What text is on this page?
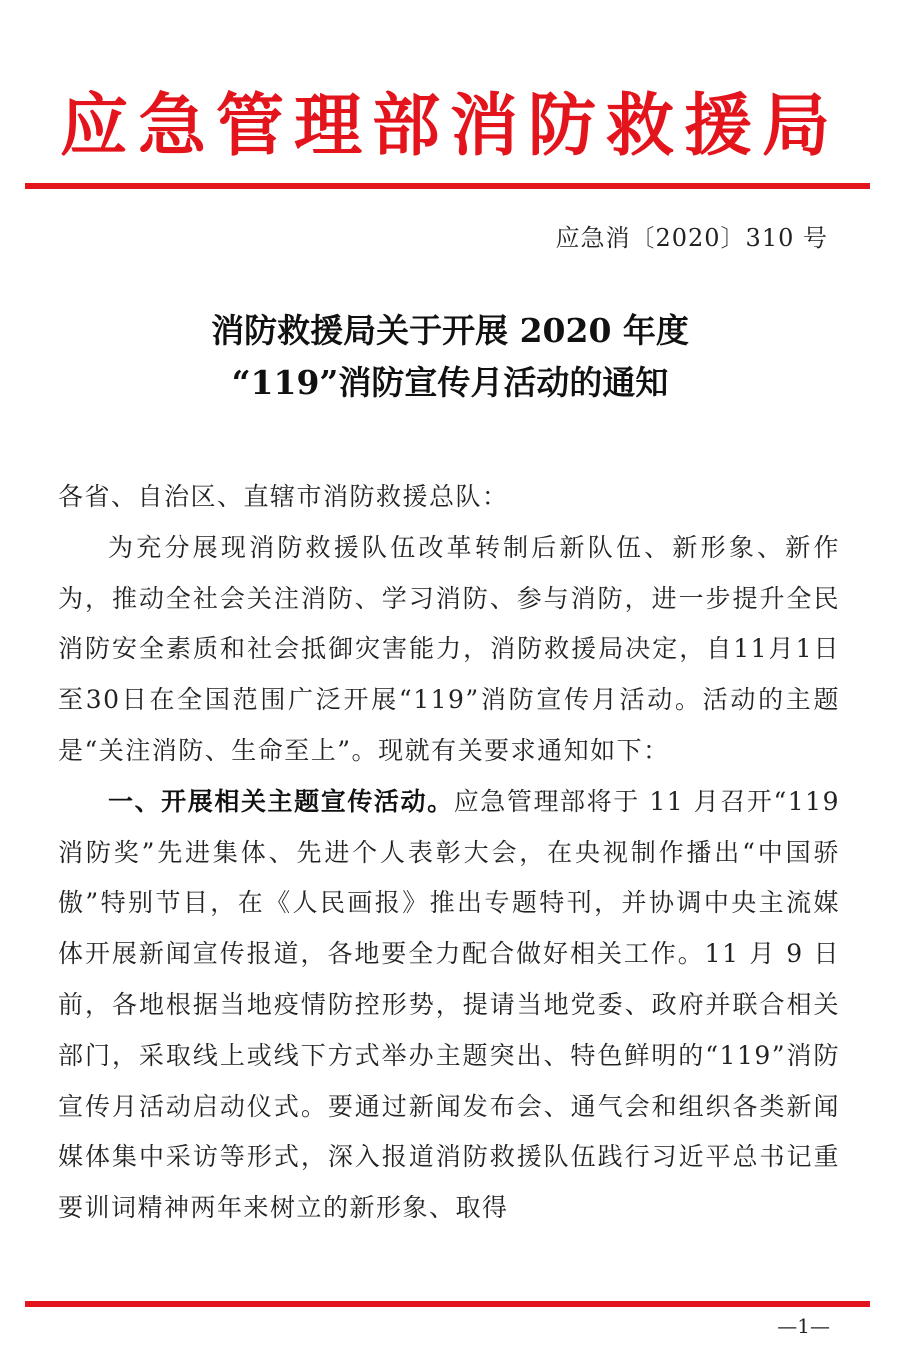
应急管理部消防救援局
应急消〔2020〕310 号
消防救援局关于开展 2020 年度
“119”消防宣传月活动的通知

各省、自治区、直辖市消防救援总队：

为充分展现消防救援队伍改革转制后新队伍、新形象、新作为，推动全社会关注消防、学习消防、参与消防，进一步提升全民消防安全素质和社会抵御灾害能力，消防救援局决定，自11月1日至30日在全国范围广泛开展“119”消防宣传月活动。活动的主题是“关注消防、生命至上”。现就有关要求通知如下：

一、开展相关主题宣传活动。应急管理部将于 11 月召开“119 消防奖”先进集体、先进个人表彰大会，在央视制作播出“中国骄傲”特别节目，在《人民画报》推出专题特刊，并协调中央主流媒体开展新闻宣传报道，各地要全力配合做好相关工作。11 月 9 日前，各地根据当地疫情防控形势，提请当地党委、政府并联合相关部门，采取线上或线下方式举办主题突出、特色鲜明的“119”消防宣传月活动启动仪式。要通过新闻发布会、通气会和组织各类新闻媒体集中采访等形式，深入报道消防救援队伍践行习近平总书记重要训词精神两年来树立的新形象、取得

—1—
